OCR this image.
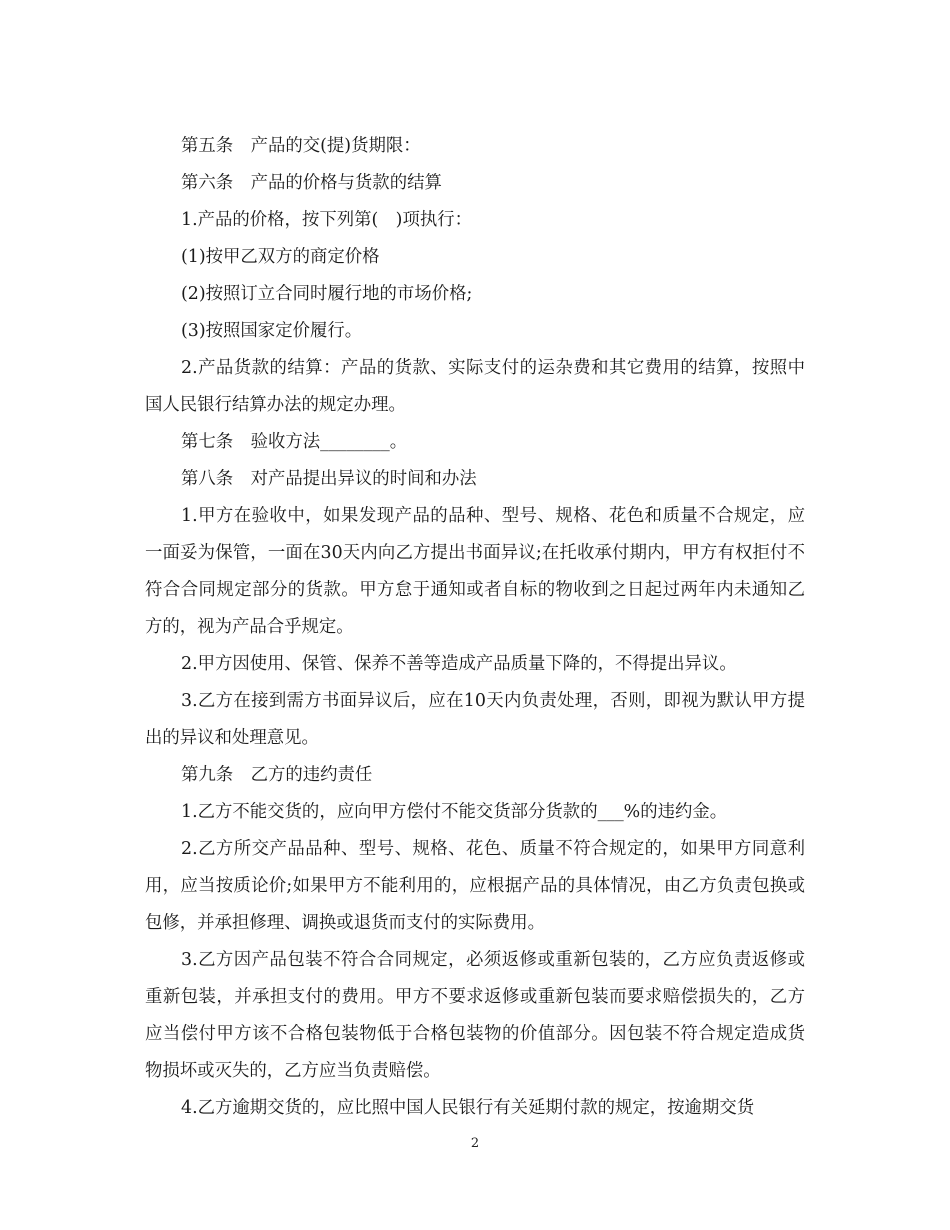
第五条　产品的交(提)货期限：

第六条　产品的价格与货款的结算

1.产品的价格，按下列第(　)项执行：

(1)按甲乙双方的商定价格

(2)按照订立合同时履行地的市场价格;

(3)按照国家定价履行。

2.产品货款的结算：产品的货款、实际支付的运杂费和其它费用的结算，按照中国人民银行结算办法的规定办理。

第七条　验收方法________。

第八条　对产品提出异议的时间和办法

1.甲方在验收中，如果发现产品的品种、型号、规格、花色和质量不合规定，应一面妥为保管，一面在30天内向乙方提出书面异议;在托收承付期内，甲方有权拒付不符合合同规定部分的货款。甲方怠于通知或者自标的物收到之日起过两年内未通知乙方的，视为产品合乎规定。

2.甲方因使用、保管、保养不善等造成产品质量下降的，不得提出异议。

3.乙方在接到需方书面异议后，应在10天内负责处理，否则，即视为默认甲方提出的异议和处理意见。

第九条　乙方的违约责任

1.乙方不能交货的，应向甲方偿付不能交货部分货款的___%的违约金。

2.乙方所交产品品种、型号、规格、花色、质量不符合规定的，如果甲方同意利用，应当按质论价;如果甲方不能利用的，应根据产品的具体情况，由乙方负责包换或包修，并承担修理、调换或退货而支付的实际费用。

3.乙方因产品包装不符合合同规定，必须返修或重新包装的，乙方应负责返修或重新包装，并承担支付的费用。甲方不要求返修或重新包装而要求赔偿损失的，乙方应当偿付甲方该不合格包装物低于合格包装物的价值部分。因包装不符合规定造成货物损坏或灭失的，乙方应当负责赔偿。

4.乙方逾期交货的，应比照中国人民银行有关延期付款的规定，按逾期交货

2
